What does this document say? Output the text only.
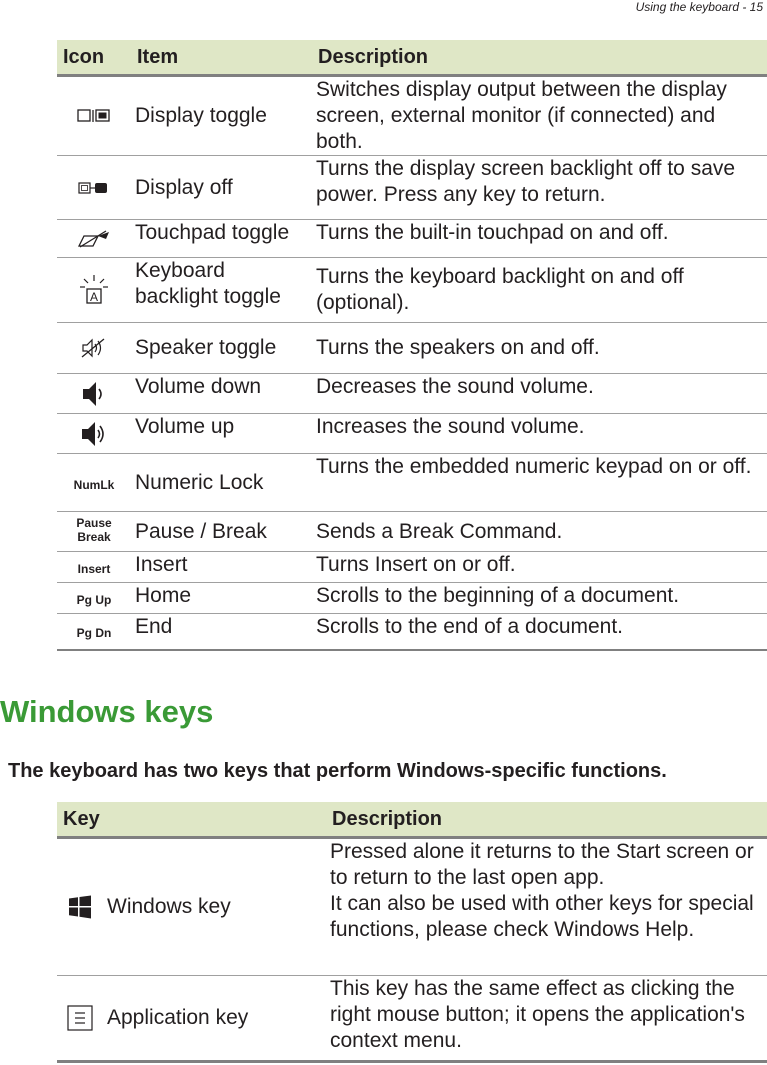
Using the keyboard - 15
Icon	Item	Description
	Display toggle	Switches display output between the display screen, external monitor (if connected) and both.
	Display off	Turns the display screen backlight off to save power. Press any key to return.
	Touchpad toggle	Turns the built-in touchpad on and off.

A	Keyboard backlight toggle	Turns the keyboard backlight on and off (optional).
	Speaker toggle	Turns the speakers on and off.
	Volume down	Decreases the sound volume.
	Volume up	Increases the sound volume.
NumLk	Numeric Lock	Turns the embedded numeric keypad on or off.
Pause Break	Pause / Break	Sends a Break Command.
Insert	Insert	Turns Insert on or off.
Pg Up	Home	Scrolls to the beginning of a document.
Pg Dn	End	Scrolls to the end of a document.
Windows keys

The keyboard has two keys that perform Windows-specific functions.

Key		Description
	Windows key	Pressed alone it returns to the Start screen or to return to the last open app.
It can also be used with other keys for special functions, please check Windows Help.

	Application key	This key has the same effect as clicking the right mouse button; it opens the application's context menu.
